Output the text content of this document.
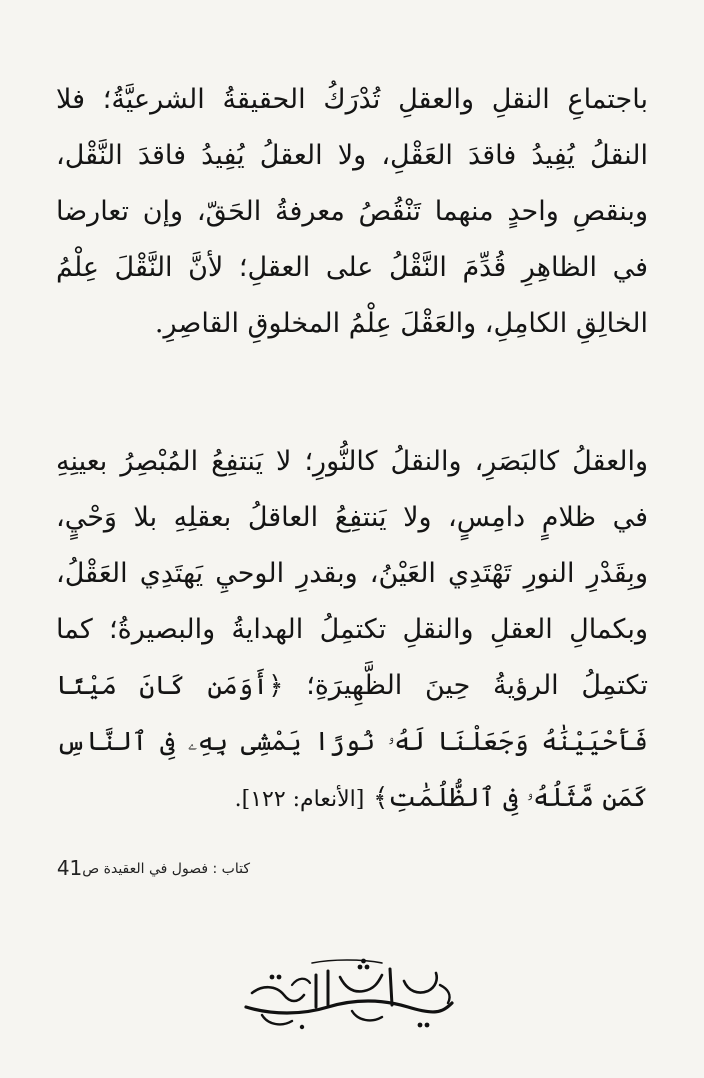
باجتماعِ النقلِ والعقلِ تُدْرَكُ الحقيقةُ الشرعيَّةُ؛ فلا النقلُ يُفِيدُ فاقدَ العَقْلِ، ولا العقلُ يُفِيدُ فاقدَ النَّقْل، وبنقصِ واحدٍ منهما تَنْقُصُ معرفةُ الحَقّ، وإن تعارضا في الظاهِرِ قُدِّمَ النَّقْلُ على العقلِ؛ لأنَّ النَّقْلَ عِلْمُ الخالِقِ الكامِلِ، والعَقْلَ عِلْمُ المخلوقِ القاصِرِ.
والعقلُ كالبَصَرِ، والنقلُ كالنُّورِ؛ لا يَنتفِعُ المُبْصِرُ بعينِهِ في ظلامٍ دامِسٍ، ولا يَنتفِعُ العاقلُ بعقلِهِ بلا وَحْيٍ، وبِقَدْرِ النورِ تَهْتَدِي العَيْنُ، وبقدرِ الوحيِ يَهتَدِي العَقْلُ، وبكمالِ العقلِ والنقلِ تكتمِلُ الهدايةُ والبصيرةُ؛ كما تكتمِلُ الرؤيةُ حِينَ الظَّهِيرَةِ؛ ﴿أَوَمَن كَانَ مَيْتًا فَأَحْيَيْنَٰهُ وَجَعَلْنَا لَهُۥ نُورًا يَمْشِى بِهِۦ فِى ٱلنَّاسِ كَمَن مَّثَلُهُۥ فِى ٱلظُّلُمَٰتِ﴾ [الأنعام: ١٢٢].
كتاب : فصول في العقيدة ص41
